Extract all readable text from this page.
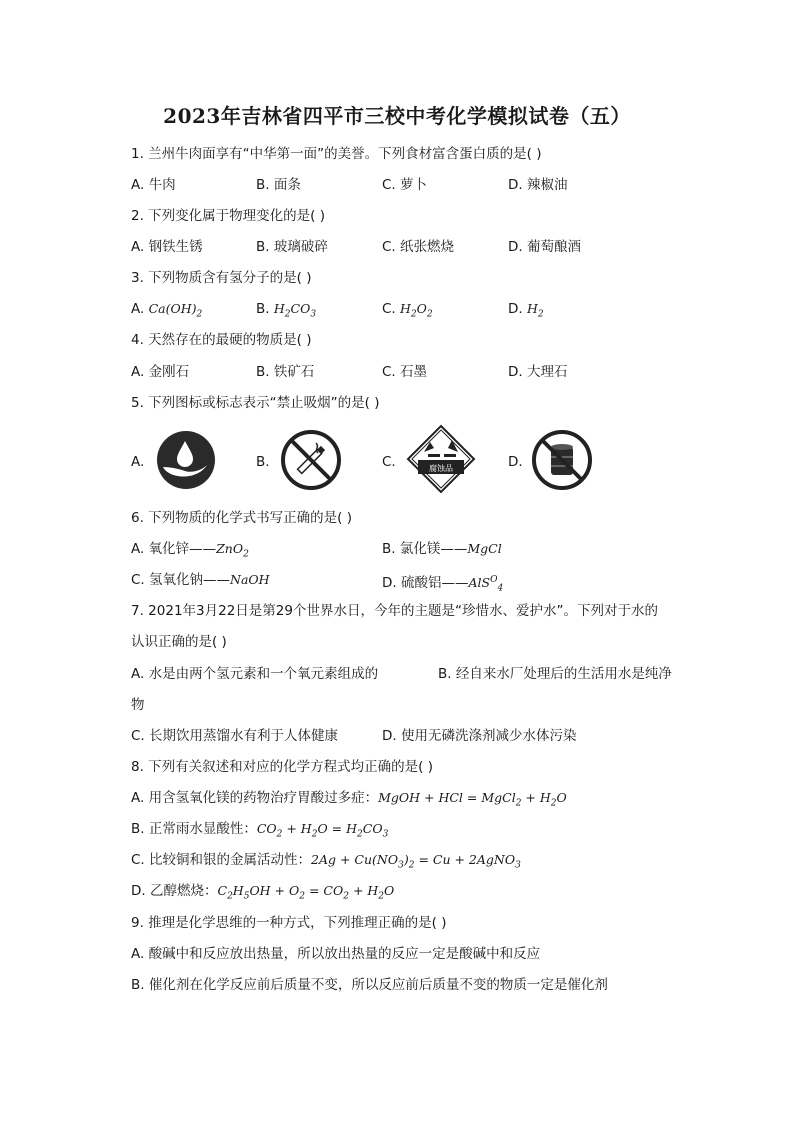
2023年吉林省四平市三校中考化学模拟试卷（五）
1. 兰州牛肉面享有“中华第一面”的美誉。下列食材富含蛋白质的是( )
A. 牛肉	B. 面条	C. 萝卜	D. 辣椒油
2. 下列变化属于物理变化的是( )
A. 钢铁生锈	B. 玻璃破碎	C. 纸张燃烧	D. 葡萄酿酒
3. 下列物质含有氢分子的是( )
A. $Ca(OH)_2$	B. $H_2CO_3$	C. $H_2O_2$	D. $H_2$
4. 天然存在的最硬的物质是( )
A. 金刚石	B. 铁矿石	C. 石墨	D. 大理石
5. 下列图标或标志表示“禁止吸烟”的是( )
A.	B.	C.	腐蚀品	D.
6. 下列物质的化学式书写正确的是( )
A. 氧化锌——ZnO$_2$	B. 氯化镁——MgCl
C. 氢氧化钠——NaOH	D. 硫酸铝——AlS$^O_4$
7. 2021年3月22日是第29个世界水日，今年的主题是“珍惜水、爱护水”。下列对于水的
认识正确的是( )
A. 水是由两个氢元素和一个氧元素组成的	B. 经自来水厂处理后的生活用水是纯净
物
C. 长期饮用蒸馏水有利于人体健康	D. 使用无磷洗涤剂减少水体污染
8. 下列有关叙述和对应的化学方程式均正确的是( )
A. 用含氢氧化镁的药物治疗胃酸过多症：MgOH + HCl = MgCl$_2$ + $H_2O$
B. 正常雨水显酸性：$CO_2 + H_2O = H_2CO_3$
C. 比较铜和银的金属活动性：$2Ag + Cu(NO_3)_2 = Cu$ + 2AgNO$_3$
D. 乙醇燃烧：$C_2H_5OH + O_2 = CO_2 + H_2O$
9. 推理是化学思维的一种方式，下列推理正确的是( )
A. 酸碱中和反应放出热量，所以放出热量的反应一定是酸碱中和反应
B. 催化剂在化学反应前后质量不变，所以反应前后质量不变的物质一定是催化剂
